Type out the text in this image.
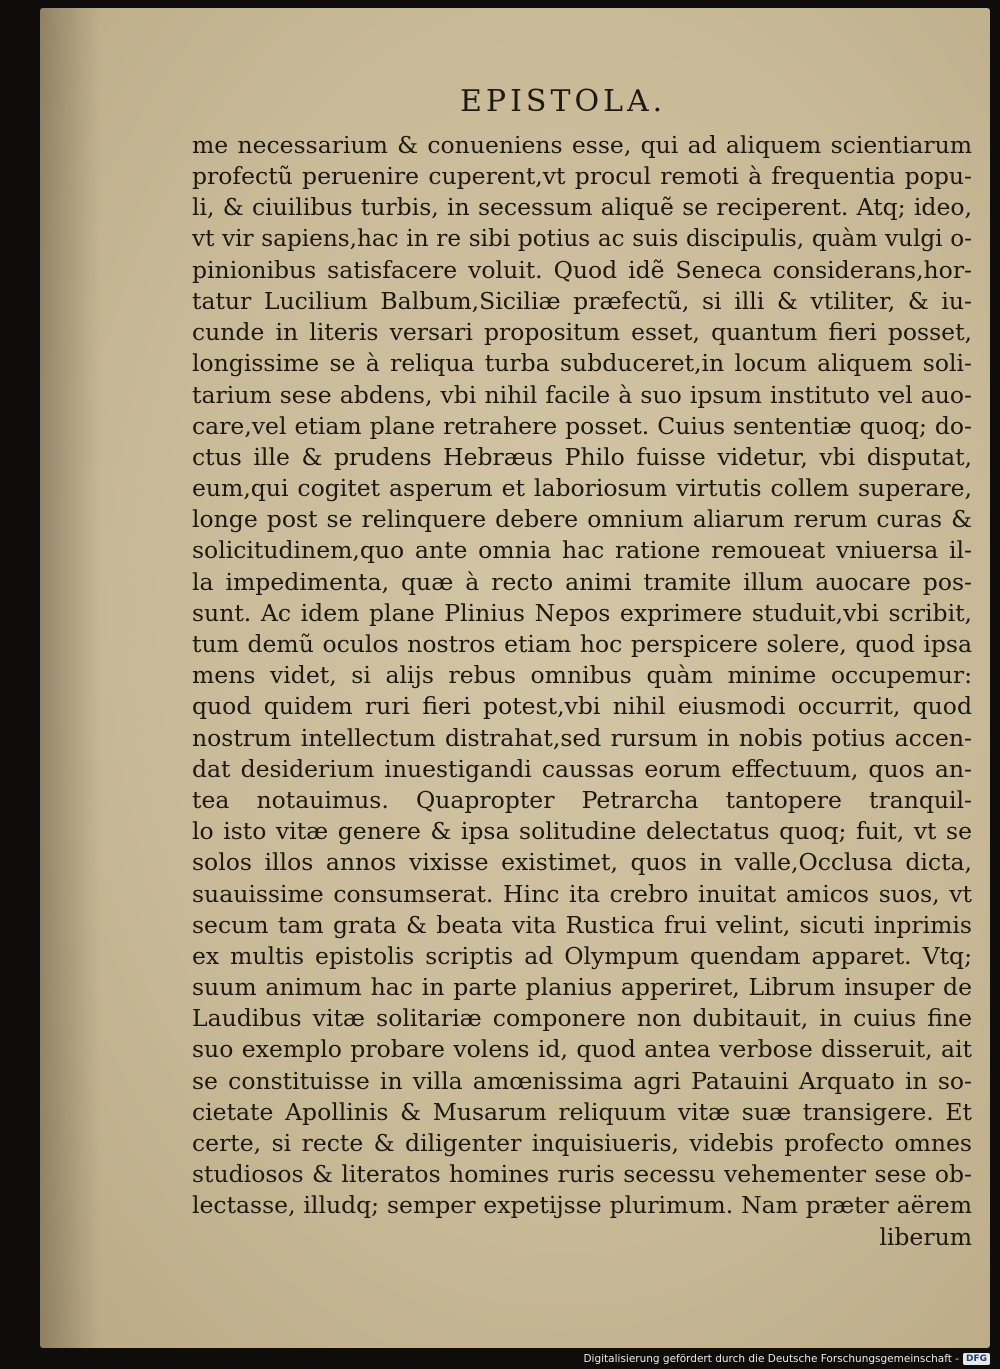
EPISTOLA.
me necessarium & conueniens esse, qui ad aliquem scientiarum
profectũ peruenire cuperent,vt procul remoti à frequentia popu-
li, & ciuilibus turbis, in secessum aliquẽ se reciperent. Atq; ideo,
vt vir sapiens,hac in re sibi potius ac suis discipulis, quàm vulgi o-
pinionibus satisfacere voluit. Quod idẽ Seneca considerans,hor-
tatur Lucilium Balbum,Siciliæ præfectũ, si illi & vtiliter, & iu-
cunde in literis versari propositum esset, quantum fieri posset,
longissime se à reliqua turba subduceret,in locum aliquem soli-
tarium sese abdens, vbi nihil facile à suo ipsum instituto vel auo-
care,vel etiam plane retrahere posset. Cuius sententiæ quoq; do-
ctus ille & prudens Hebræus Philo fuisse videtur, vbi disputat,
eum,qui cogitet asperum et laboriosum virtutis collem superare,
longe post se relinquere debere omnium aliarum rerum curas &
solicitudinem,quo ante omnia hac ratione remoueat vniuersa il-
la impedimenta, quæ à recto animi tramite illum auocare pos-
sunt. Ac idem plane Plinius Nepos exprimere studuit,vbi scribit,
tum demũ oculos nostros etiam hoc perspicere solere, quod ipsa
mens videt, si alijs rebus omnibus quàm minime occupemur:
quod quidem ruri fieri potest,vbi nihil eiusmodi occurrit, quod
nostrum intellectum distrahat,sed rursum in nobis potius accen-
dat desiderium inuestigandi caussas eorum effectuum, quos an-
tea notauimus. Quapropter Petrarcha tantopere tranquil-
lo isto vitæ genere & ipsa solitudine delectatus quoq; fuit, vt se
solos illos annos vixisse existimet, quos in valle,Occlusa dicta,
suauissime consumserat. Hinc ita crebro inuitat amicos suos, vt
secum tam grata & beata vita Rustica frui velint, sicuti inprimis
ex multis epistolis scriptis ad Olympum quendam apparet. Vtq;
suum animum hac in parte planius apperiret, Librum insuper de
Laudibus vitæ solitariæ componere non dubitauit, in cuius fine
suo exemplo probare volens id, quod antea verbose disseruit, ait
se constituisse in villa amœnissima agri Patauini Arquato in so-
cietate Apollinis & Musarum reliquum vitæ suæ transigere. Et
certe, si recte & diligenter inquisiueris, videbis profecto omnes
studiosos & literatos homines ruris secessu vehementer sese ob-
lectasse, illudq; semper expetijsse plurimum. Nam præter aërem
liberum
Digitalisierung gefördert durch die Deutsche Forschungsgemeinschaft - DFG
